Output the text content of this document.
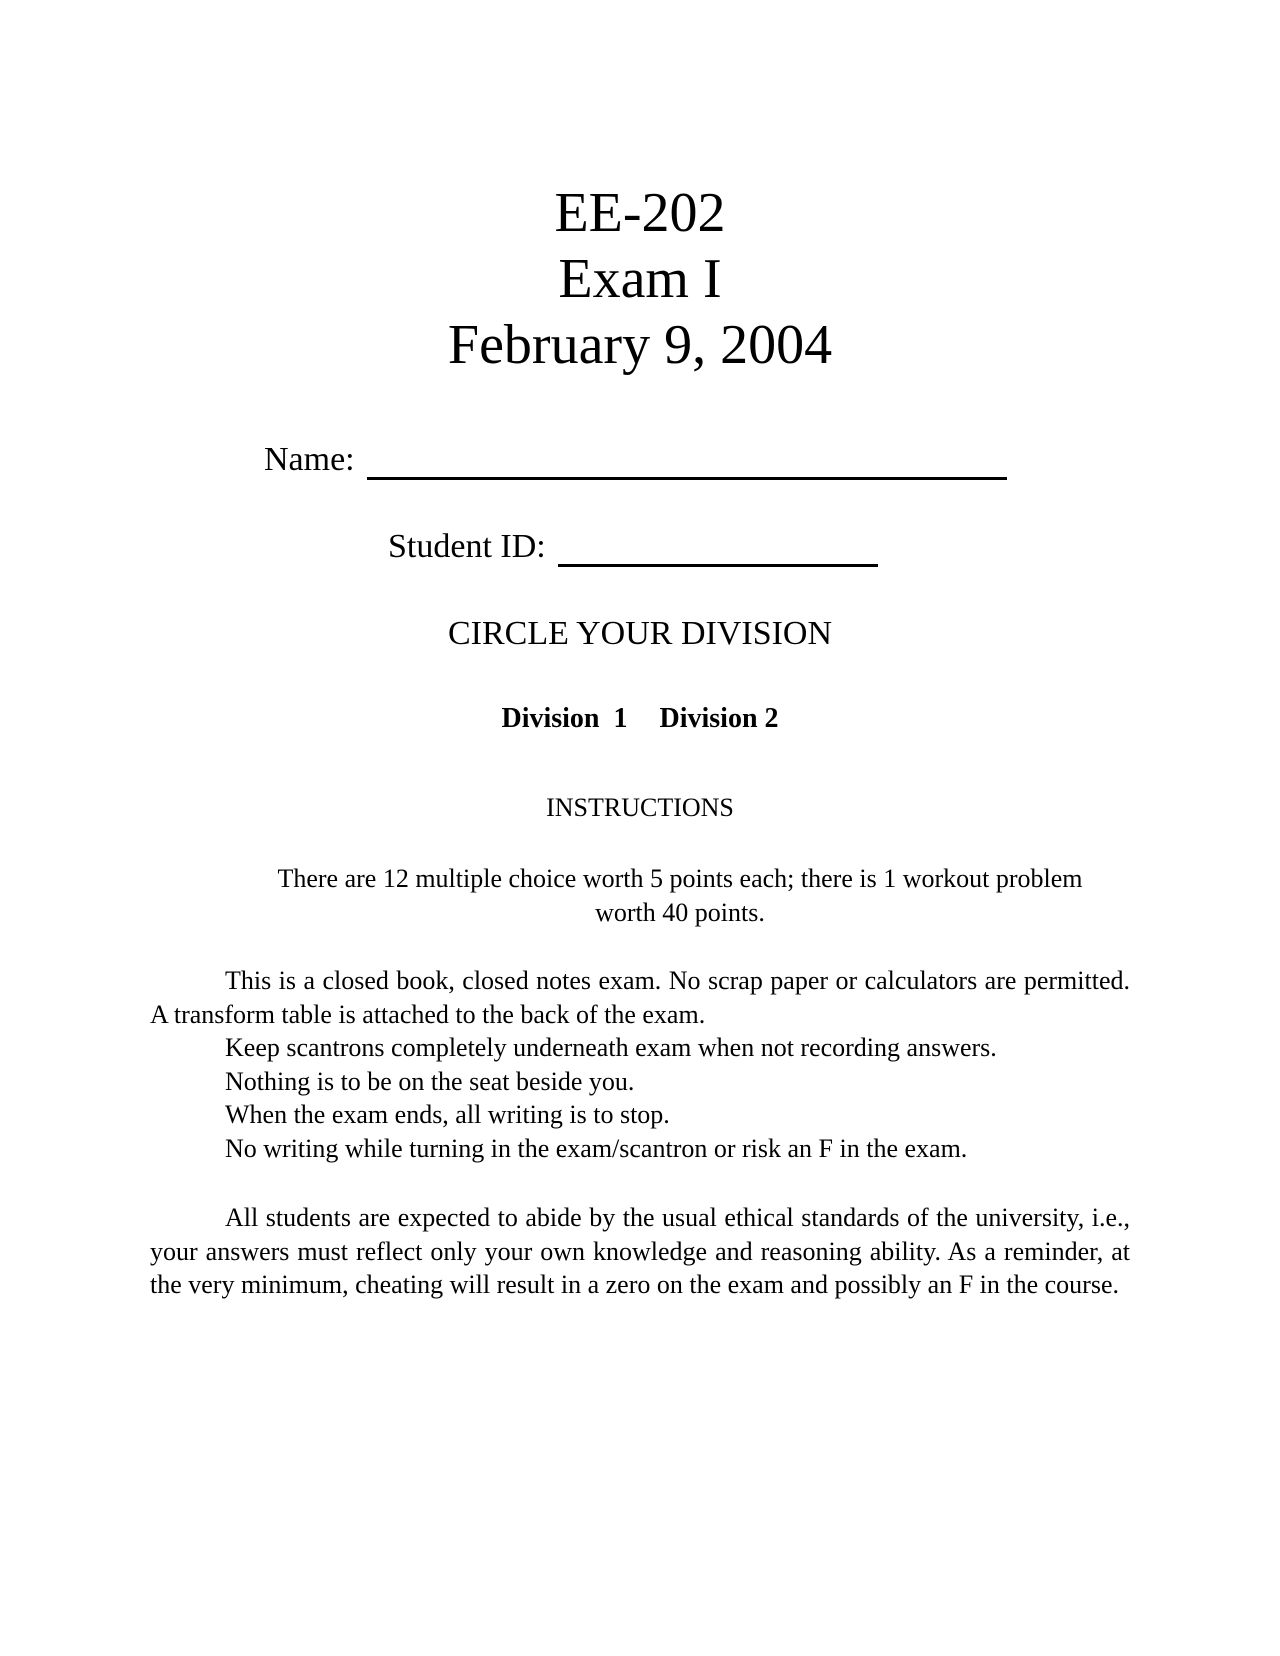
EE-202

Exam I

February 9, 2004

Name:
Student ID:
CIRCLE YOUR DIVISION
Division  1 Division 2
INSTRUCTIONS
There are 12 multiple choice worth 5 points each; there is 1 workout problem worth 40 points.

This is a closed book, closed notes exam. No scrap paper or calculators are permitted. A transform table is attached to the back of the exam.

Keep scantrons completely underneath exam when not recording answers.

Nothing is to be on the seat beside you.

When the exam ends, all writing is to stop.

No writing while turning in the exam/scantron or risk an F in the exam.

All students are expected to abide by the usual ethical standards of the university, i.e., your answers must reflect only your own knowledge and reasoning ability. As a reminder, at the very minimum, cheating will result in a zero on the exam and possibly an F in the course.
